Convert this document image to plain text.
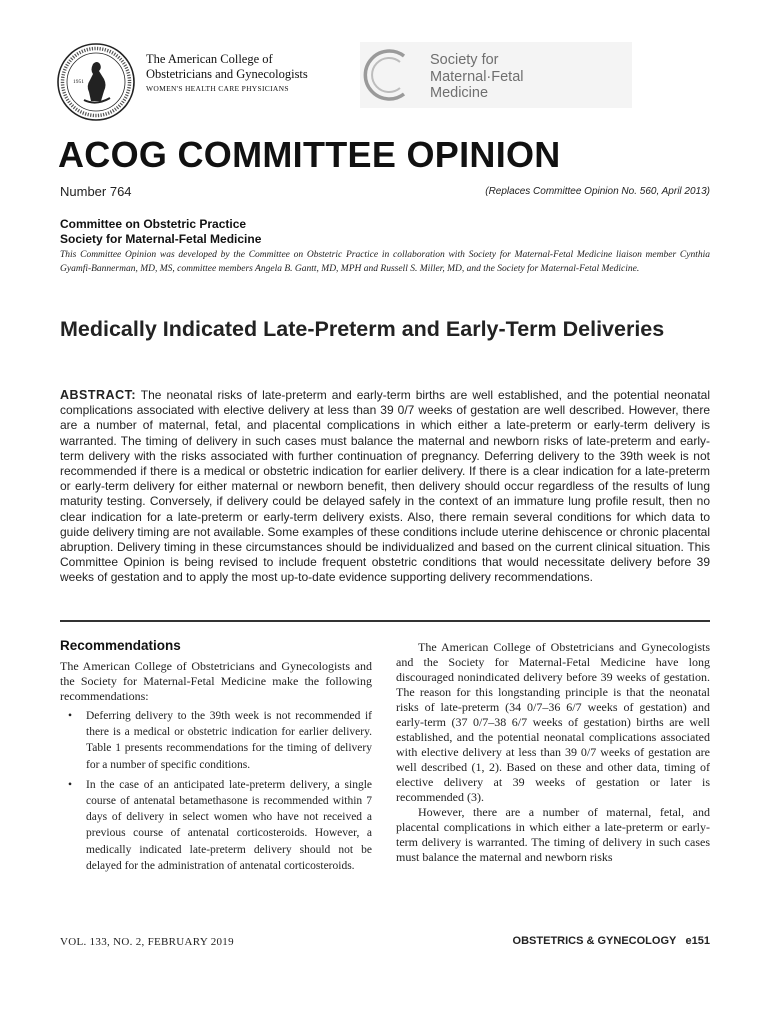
1951
The American College of
Obstetricians and Gynecologists
WOMEN'S HEALTH CARE PHYSICIANS
Society for
Maternal·Fetal
Medicine
ACOG COMMITTEE OPINION
Number 764	(Replaces Committee Opinion No. 560, April 2013)
Committee on Obstetric Practice
Society for Maternal-Fetal Medicine

This Committee Opinion was developed by the Committee on Obstetric Practice in collaboration with Society for Maternal-Fetal Medicine liaison member Cynthia Gyamfi-Bannerman, MD, MS, committee members Angela B. Gantt, MD, MPH and Russell S. Miller, MD, and the Society for Maternal-Fetal Medicine.

Medically Indicated Late-Preterm and Early-Term Deliveries

ABSTRACT: The neonatal risks of late-preterm and early-term births are well established, and the potential neonatal complications associated with elective delivery at less than 39 0/7 weeks of gestation are well described. However, there are a number of maternal, fetal, and placental complications in which either a late-preterm or early-term delivery is warranted. The timing of delivery in such cases must balance the maternal and newborn risks of late-preterm and early-term delivery with the risks associated with further continuation of pregnancy. Deferring delivery to the 39th week is not recommended if there is a medical or obstetric indication for earlier delivery. If there is a clear indication for a late-preterm or early-term delivery for either maternal or newborn benefit, then delivery should occur regardless of the results of lung maturity testing. Conversely, if delivery could be delayed safely in the context of an immature lung profile result, then no clear indication for a late-preterm or early-term delivery exists. Also, there remain several conditions for which data to guide delivery timing are not available. Some examples of these conditions include uterine dehiscence or chronic placental abruption. Delivery timing in these circumstances should be individualized and based on the current clinical situation. This Committee Opinion is being revised to include frequent obstetric conditions that would necessitate delivery before 39 weeks of gestation and to apply the most up-to-date evidence supporting delivery recommendations.

Recommendations

The American College of Obstetricians and Gynecologists and the Society for Maternal-Fetal Medicine make the following recommendations:

• Deferring delivery to the 39th week is not recommended if there is a medical or obstetric indication for earlier delivery. Table 1 presents recommendations for the timing of delivery for a number of specific conditions.
• In the case of an anticipated late-preterm delivery, a single course of antenatal betamethasone is recommended within 7 days of delivery in select women who have not received a previous course of antenatal corticosteroids. However, a medically indicated late-preterm delivery should not be delayed for the administration of antenatal corticosteroids.

The American College of Obstetricians and Gynecologists and the Society for Maternal-Fetal Medicine have long discouraged nonindicated delivery before 39 weeks of gestation. The reason for this longstanding principle is that the neonatal risks of late-preterm (34 0/7–36 6/7 weeks of gestation) and early-term (37 0/7–38 6/7 weeks of gestation) births are well established, and the potential neonatal complications associated with elective delivery at less than 39 0/7 weeks of gestation are well described (1, 2). Based on these and other data, timing of elective delivery at 39 weeks of gestation or later is recommended (3).

However, there are a number of maternal, fetal, and placental complications in which either a late-preterm or early-term delivery is warranted. The timing of delivery in such cases must balance the maternal and newborn risks

VOL. 133, NO. 2, FEBRUARY 2019	OBSTETRICS & GYNECOLOGY e151
